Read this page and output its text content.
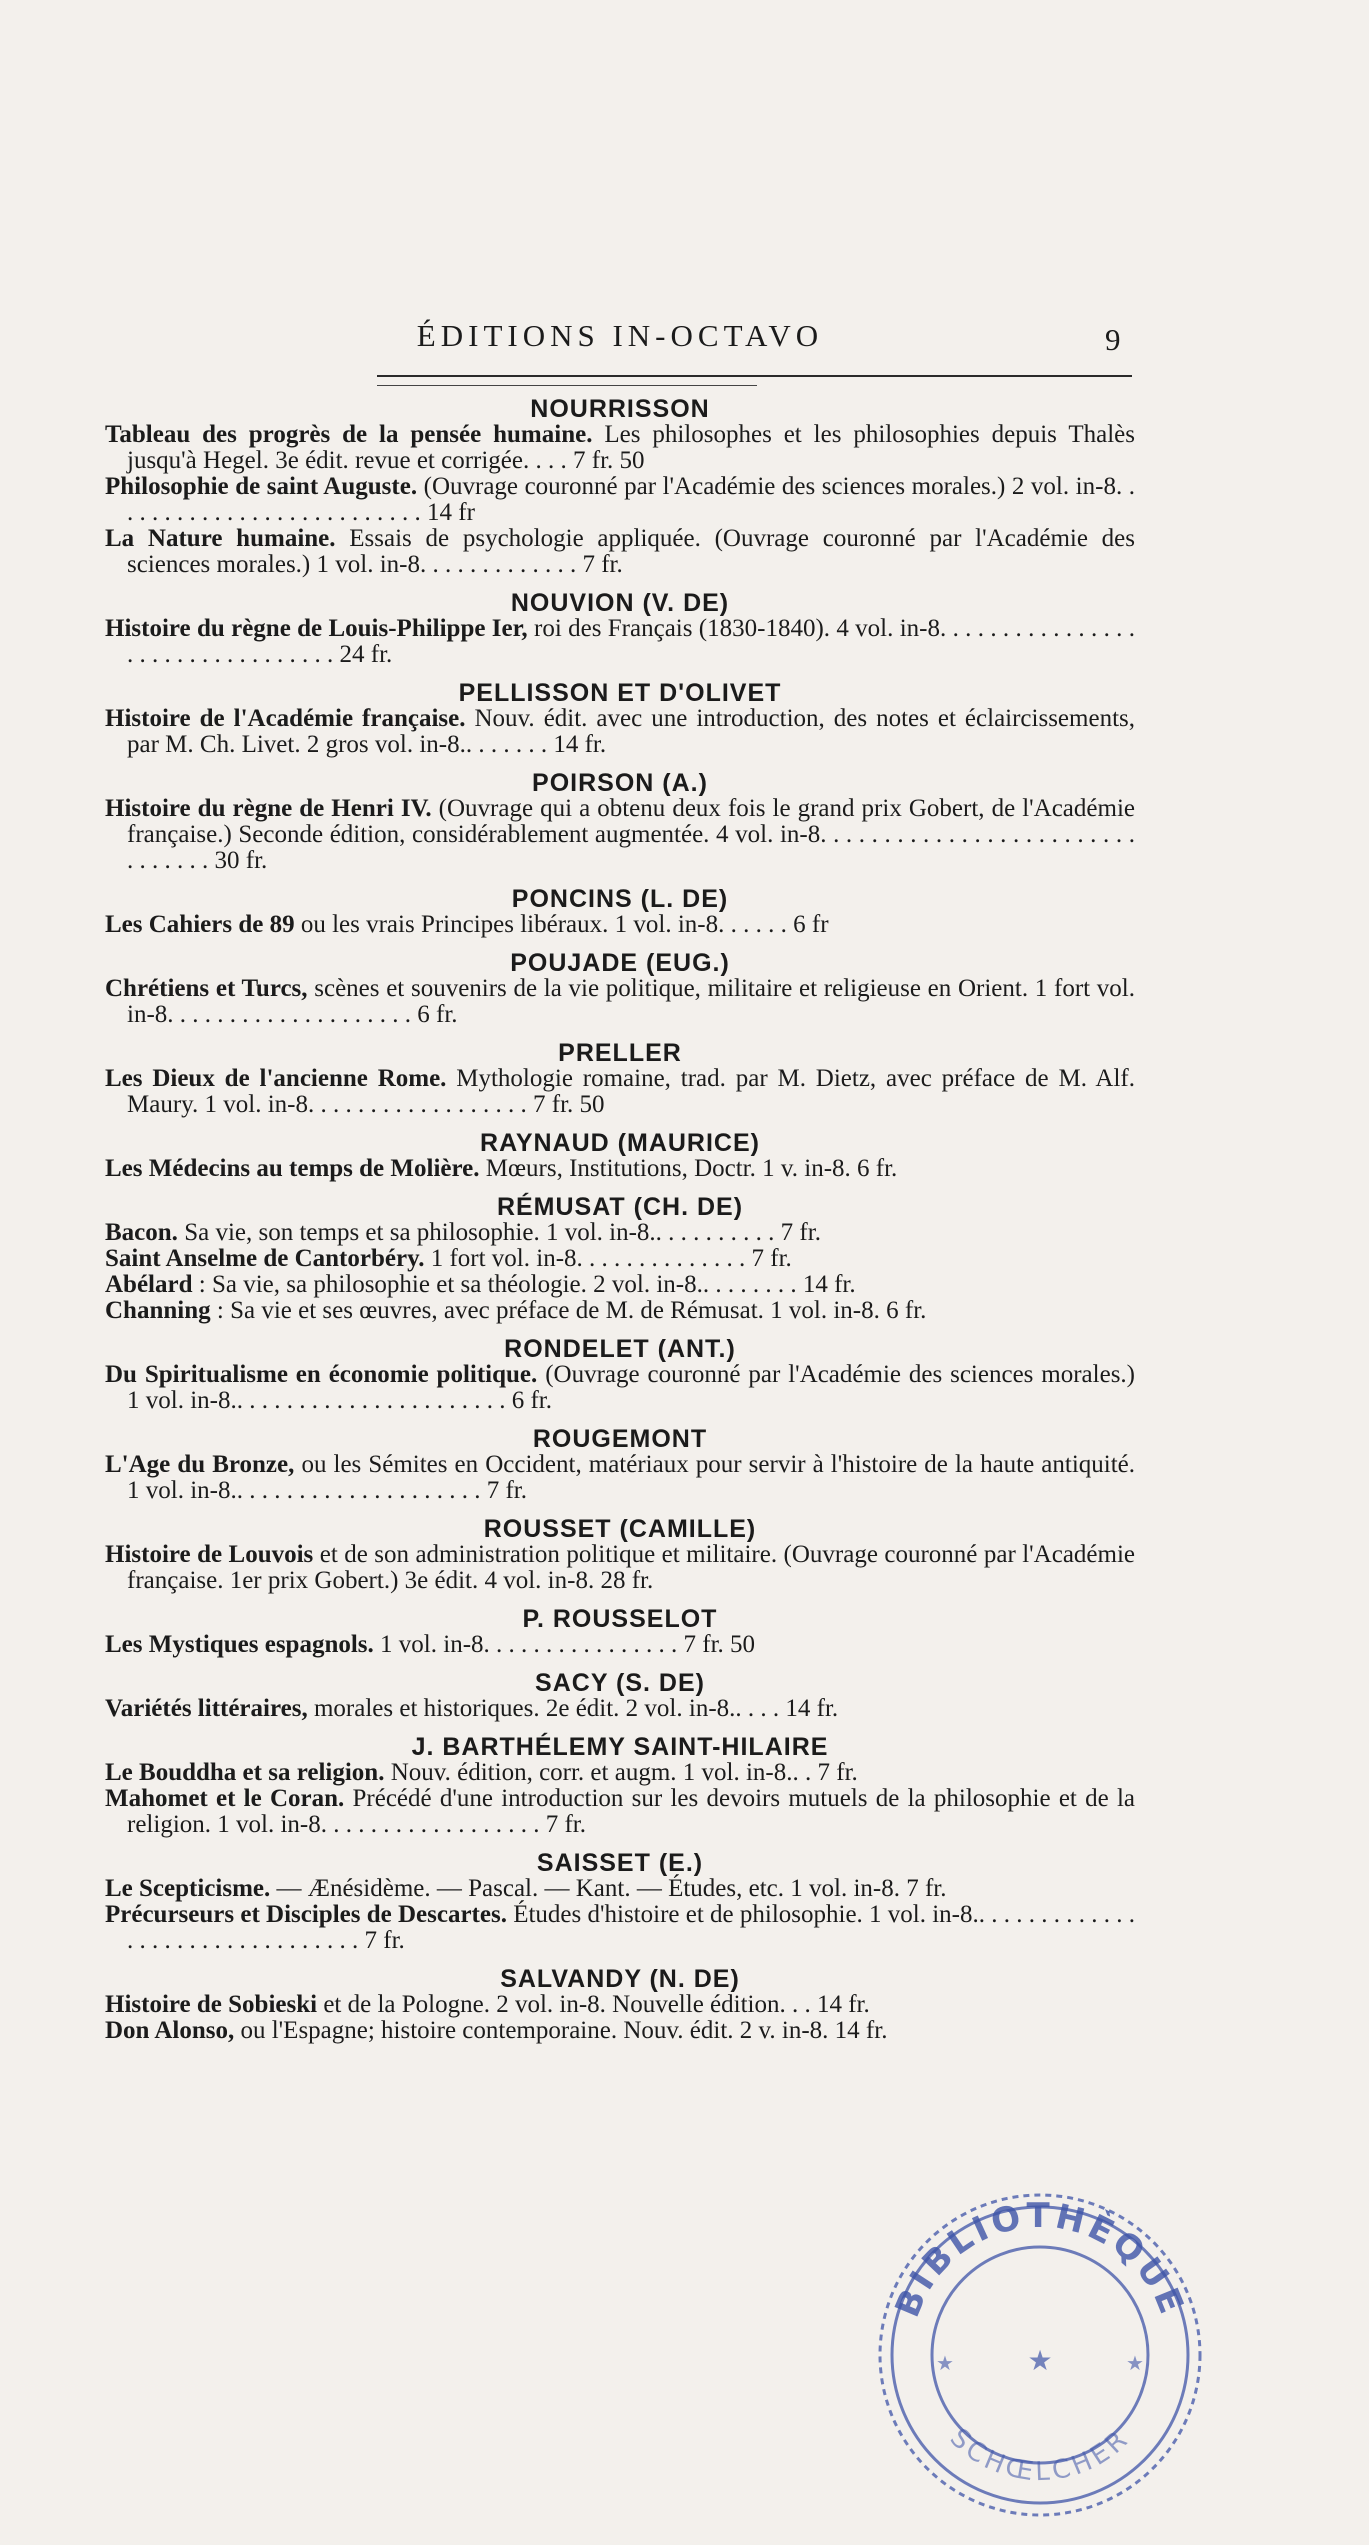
ÉDITIONS IN-OCTAVO	9
NOURRISSON
Tableau des progrès de la pensée humaine. Les philosophes et les philosophies depuis Thalès jusqu'à Hegel. 3e édit. revue et corrigée. . . . 7 fr. 50
Philosophie de saint Auguste. (Ouvrage couronné par l'Académie des sciences morales.) 2 vol. in-8. . . . . . . . . . . . . . . . . . . . . . . . . . 14 fr
La Nature humaine. Essais de psychologie appliquée. (Ouvrage couronné par l'Académie des sciences morales.) 1 vol. in-8. . . . . . . . . . . . . 7 fr.
NOUVION (V. DE)
Histoire du règne de Louis-Philippe Ier, roi des Français (1830-1840). 4 vol. in-8. . . . . . . . . . . . . . . . . . . . . . . . . . . . . . . . . 24 fr.
PELLISSON ET D'OLIVET
Histoire de l'Académie française. Nouv. édit. avec une introduction, des notes et éclaircissements, par M. Ch. Livet. 2 gros vol. in-8.. . . . . . . 14 fr.
POIRSON (A.)
Histoire du règne de Henri IV. (Ouvrage qui a obtenu deux fois le grand prix Gobert, de l'Académie française.) Seconde édition, considérablement augmentée. 4 vol. in-8. . . . . . . . . . . . . . . . . . . . . . . . . . . . . . . . 30 fr.
PONCINS (L. DE)
Les Cahiers de 89 ou les vrais Principes libéraux. 1 vol. in-8. . . . . . 6 fr
POUJADE (EUG.)
Chrétiens et Turcs, scènes et souvenirs de la vie politique, militaire et religieuse en Orient. 1 fort vol. in-8. . . . . . . . . . . . . . . . . . . . 6 fr.
PRELLER
Les Dieux de l'ancienne Rome. Mythologie romaine, trad. par M. Dietz, avec préface de M. Alf. Maury. 1 vol. in-8. . . . . . . . . . . . . . . . . . 7 fr. 50
RAYNAUD (MAURICE)
Les Médecins au temps de Molière. Mœurs, Institutions, Doctr. 1 v. in-8. 6 fr.
RÉMUSAT (CH. DE)
Bacon. Sa vie, son temps et sa philosophie. 1 vol. in-8.. . . . . . . . . . 7 fr.
Saint Anselme de Cantorbéry. 1 fort vol. in-8. . . . . . . . . . . . . . 7 fr.
Abélard : Sa vie, sa philosophie et sa théologie. 2 vol. in-8.. . . . . . . . 14 fr.
Channing : Sa vie et ses œuvres, avec préface de M. de Rémusat. 1 vol. in-8. 6 fr.
RONDELET (ANT.)
Du Spiritualisme en économie politique. (Ouvrage couronné par l'Académie des sciences morales.) 1 vol. in-8.. . . . . . . . . . . . . . . . . . . . . . 6 fr.
ROUGEMONT
L'Age du Bronze, ou les Sémites en Occident, matériaux pour servir à l'histoire de la haute antiquité. 1 vol. in-8.. . . . . . . . . . . . . . . . . . . . 7 fr.
ROUSSET (CAMILLE)
Histoire de Louvois et de son administration politique et militaire. (Ouvrage couronné par l'Académie française. 1er prix Gobert.) 3e édit. 4 vol. in-8. 28 fr.
P. ROUSSELOT
Les Mystiques espagnols. 1 vol. in-8. . . . . . . . . . . . . . . . 7 fr. 50
SACY (S. DE)
Variétés littéraires, morales et historiques. 2e édit. 2 vol. in-8.. . . . 14 fr.
J. BARTHÉLEMY SAINT-HILAIRE
Le Bouddha et sa religion. Nouv. édition, corr. et augm. 1 vol. in-8.. . 7 fr.
Mahomet et le Coran. Précédé d'une introduction sur les devoirs mutuels de la philosophie et de la religion. 1 vol. in-8. . . . . . . . . . . . . . . . . . 7 fr.
SAISSET (E.)
Le Scepticisme. — Ænésidème. — Pascal. — Kant. — Études, etc. 1 vol. in-8. 7 fr.
Précurseurs et Disciples de Descartes. Études d'histoire et de philosophie. 1 vol. in-8.. . . . . . . . . . . . . . . . . . . . . . . . . . . . . . . . 7 fr.
SALVANDY (N. DE)
Histoire de Sobieski et de la Pologne. 2 vol. in-8. Nouvelle édition. . . 14 fr.
Don Alonso, ou l'Espagne; histoire contemporaine. Nouv. édit. 2 v. in-8. 14 fr.
BIBLIOTHÈQUE
SCHŒLCHER
★
★	★
